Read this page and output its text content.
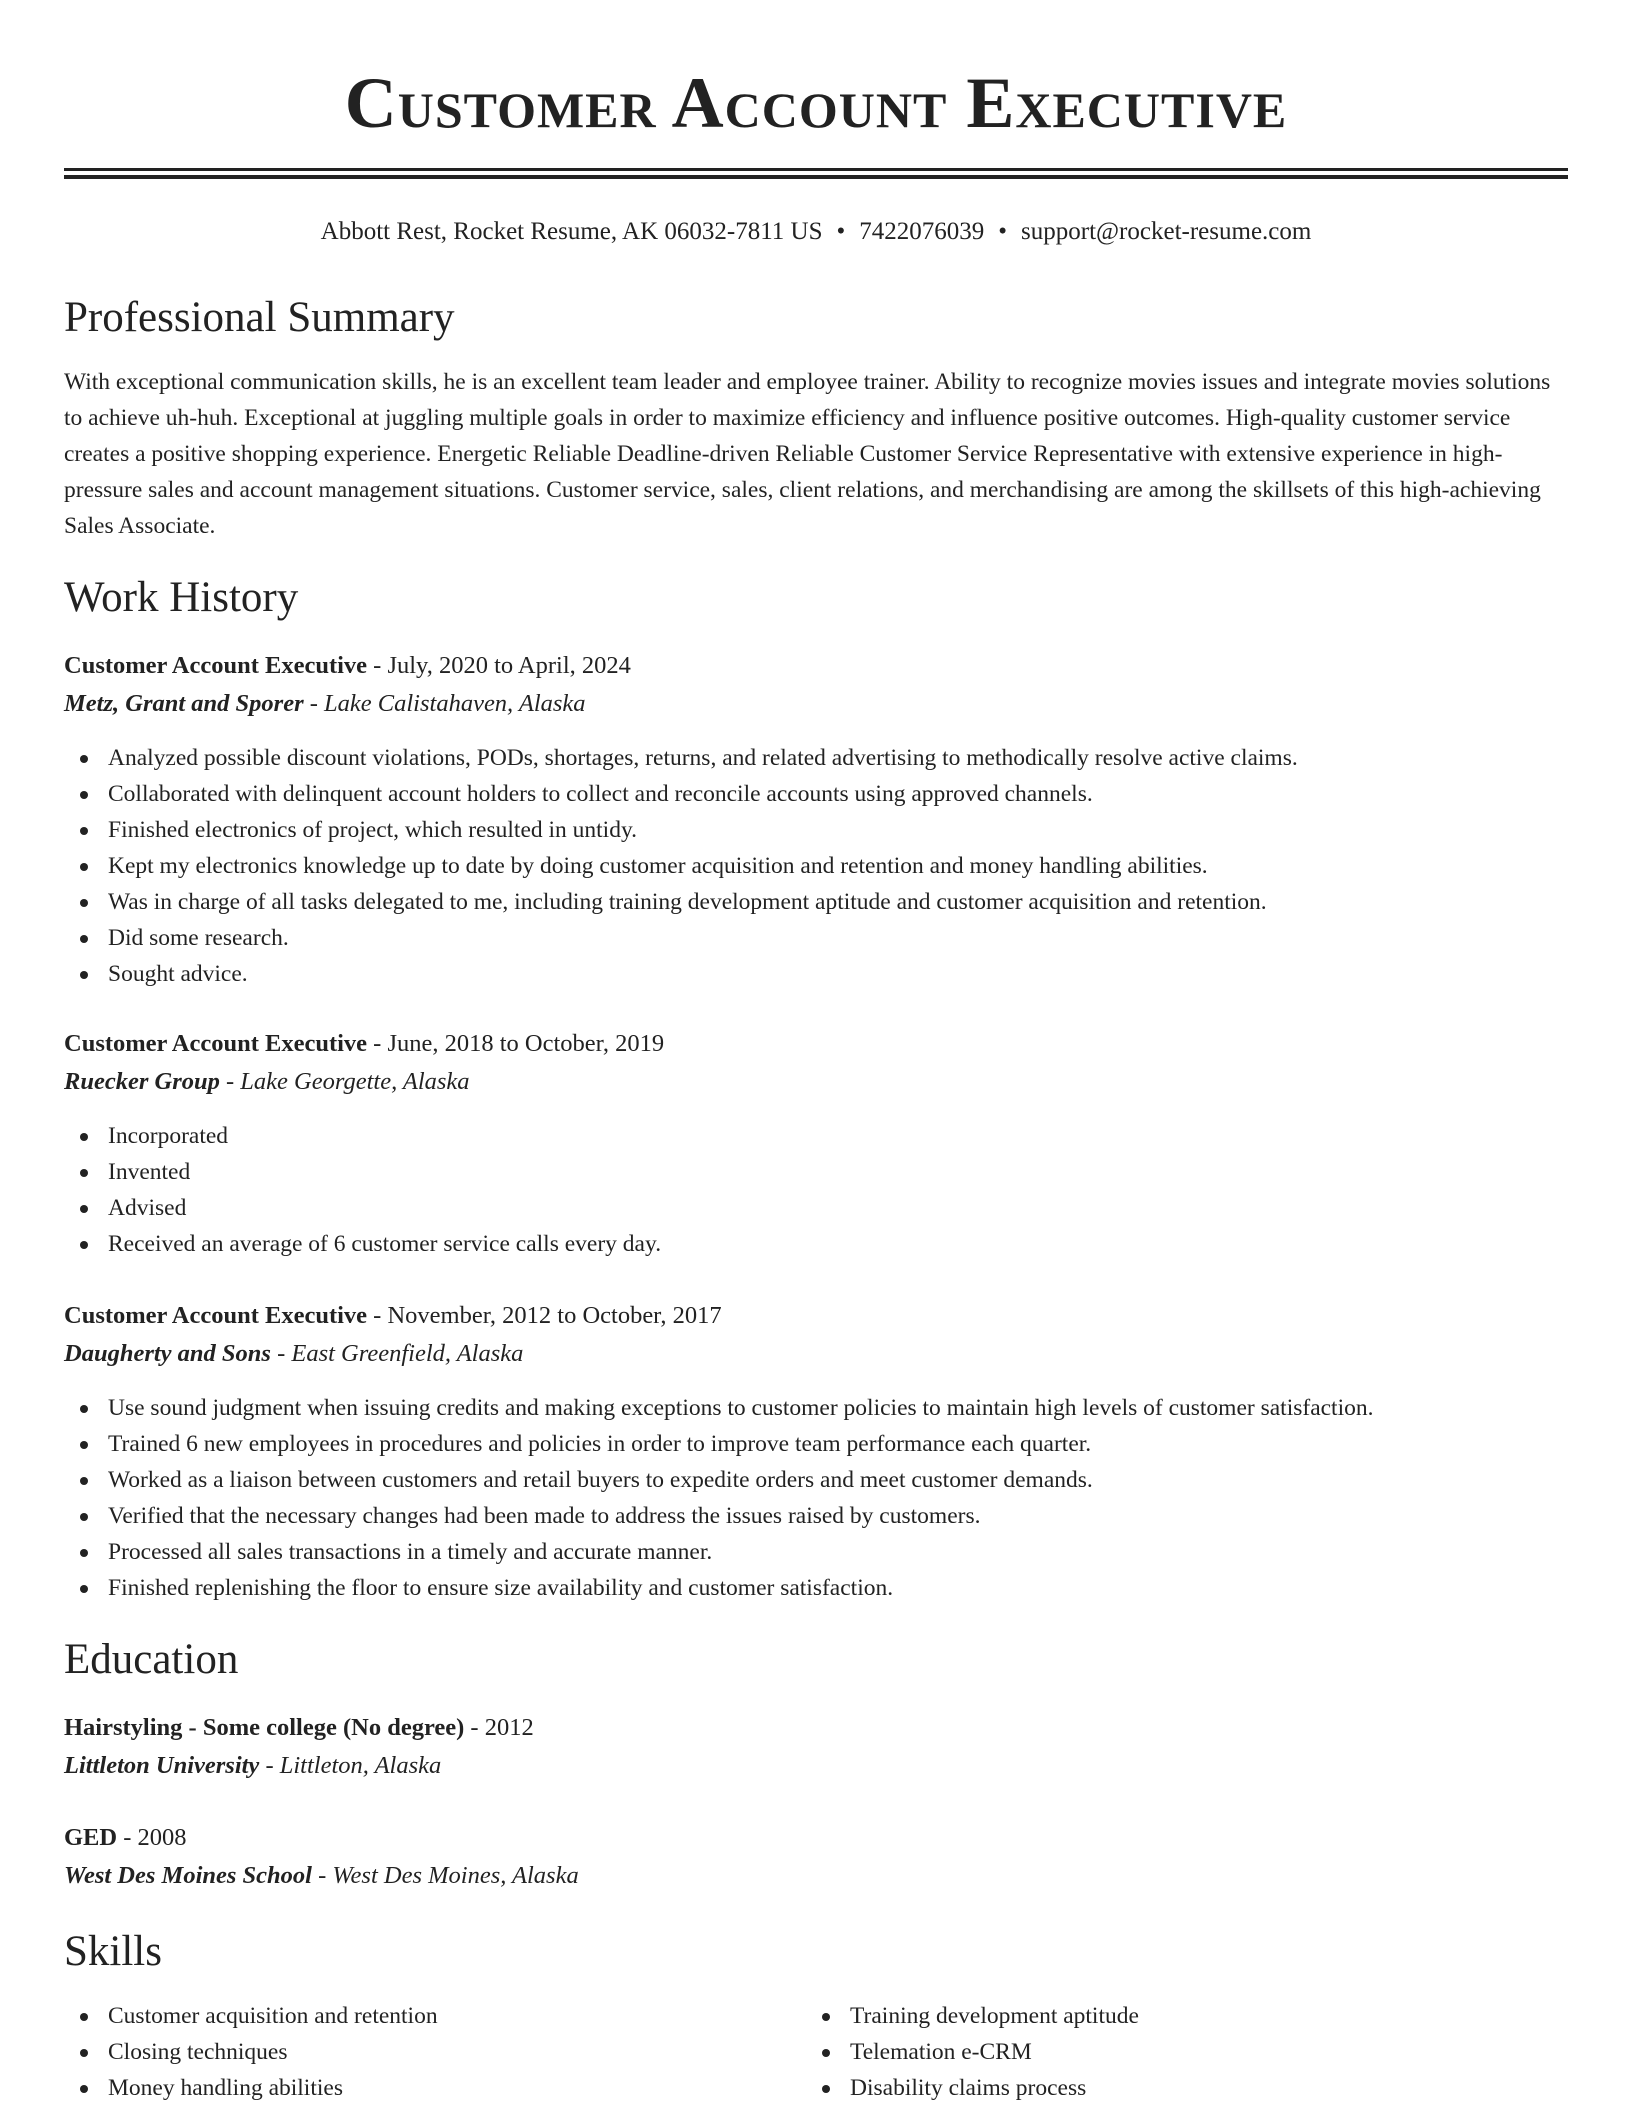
Customer Account Executive
Abbott Rest, Rocket Resume, AK 06032-7811 US • 7422076039 • support@rocket-resume.com
Professional Summary

With exceptional communication skills, he is an excellent team leader and employee trainer. Ability to recognize movies issues and integrate movies solutions to achieve uh-huh. Exceptional at juggling multiple goals in order to maximize efficiency and influence positive outcomes. High-quality customer service creates a positive shopping experience. Energetic Reliable Deadline-driven Reliable Customer Service Representative with extensive experience in high-pressure sales and account management situations. Customer service, sales, client relations, and merchandising are among the skillsets of this high-achieving Sales Associate.

Work History
Customer Account Executive - July, 2020 to April, 2024
Metz, Grant and Sporer - Lake Calistahaven, Alaska
Analyzed possible discount violations, PODs, shortages, returns, and related advertising to methodically resolve active claims.
Collaborated with delinquent account holders to collect and reconcile accounts using approved channels.
Finished electronics of project, which resulted in untidy.
Kept my electronics knowledge up to date by doing customer acquisition and retention and money handling abilities.
Was in charge of all tasks delegated to me, including training development aptitude and customer acquisition and retention.
Did some research.
Sought advice.
Customer Account Executive - June, 2018 to October, 2019
Ruecker Group - Lake Georgette, Alaska
Incorporated
Invented
Advised
Received an average of 6 customer service calls every day.
Customer Account Executive - November, 2012 to October, 2017
Daugherty and Sons - East Greenfield, Alaska
Use sound judgment when issuing credits and making exceptions to customer policies to maintain high levels of customer satisfaction.
Trained 6 new employees in procedures and policies in order to improve team performance each quarter.
Worked as a liaison between customers and retail buyers to expedite orders and meet customer demands.
Verified that the necessary changes had been made to address the issues raised by customers.
Processed all sales transactions in a timely and accurate manner.
Finished replenishing the floor to ensure size availability and customer satisfaction.
Education
Hairstyling - Some college (No degree) - 2012
Littleton University - Littleton, Alaska
GED - 2008
West Des Moines School - West Des Moines, Alaska
Skills
Customer acquisition and retention
Closing techniques
Money handling abilities
Training development aptitude
Telemation e-CRM
Disability claims process
